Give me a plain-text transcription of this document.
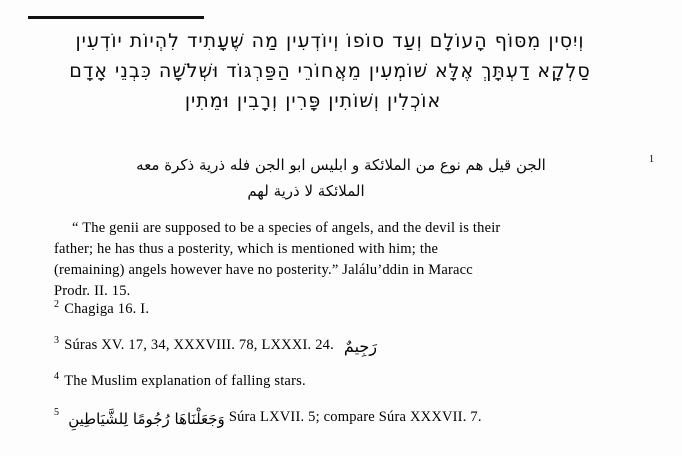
וְיִסִין מִסּוֹף הָעוֹלָם וְעַד סוֹפוֹ וְיוֹדְעִין מַה שֶּׁעָתִיד לִהְיוֹת יוֹדְעִין
סַלְקָא דַעְתָּךְ אֶלָּא שׁוֹמְעִין מֵאֲחוֹרֵי הַפַּרְגּוֹד וּשְׁלֹשָׁה כִּבְנֵי אָדָם
אוֹכְלִין וְשׁוֹתִין פָּרִין וְרָבִין וּמֵתִין
1
الجن قيل هم نوع من الملائكة و ابليس ابو الجن فله ذرية ذكرة معه
الملائكة لا ذرية لهم
“ The genii are supposed to be a species of angels, and the devil is their
father; he has thus a posterity, which is mentioned with him; the
(remaining) angels however have no posterity.” Jalálu’ddin in Maracc
Prodr. II. 15.
$^2$ Chagiga 16. I.
$^3$ Súras XV. 17, 34, XXXVIII. 78, LXXXI. 24. رَجِيمٌ
$^4$ The Muslim explanation of falling stars.
$^5$ وَجَعَلْنَاهَا رُجُومًا لِلشَّيَاطِينِ Súra LXVII. 5; compare Súra XXXVII. 7.
